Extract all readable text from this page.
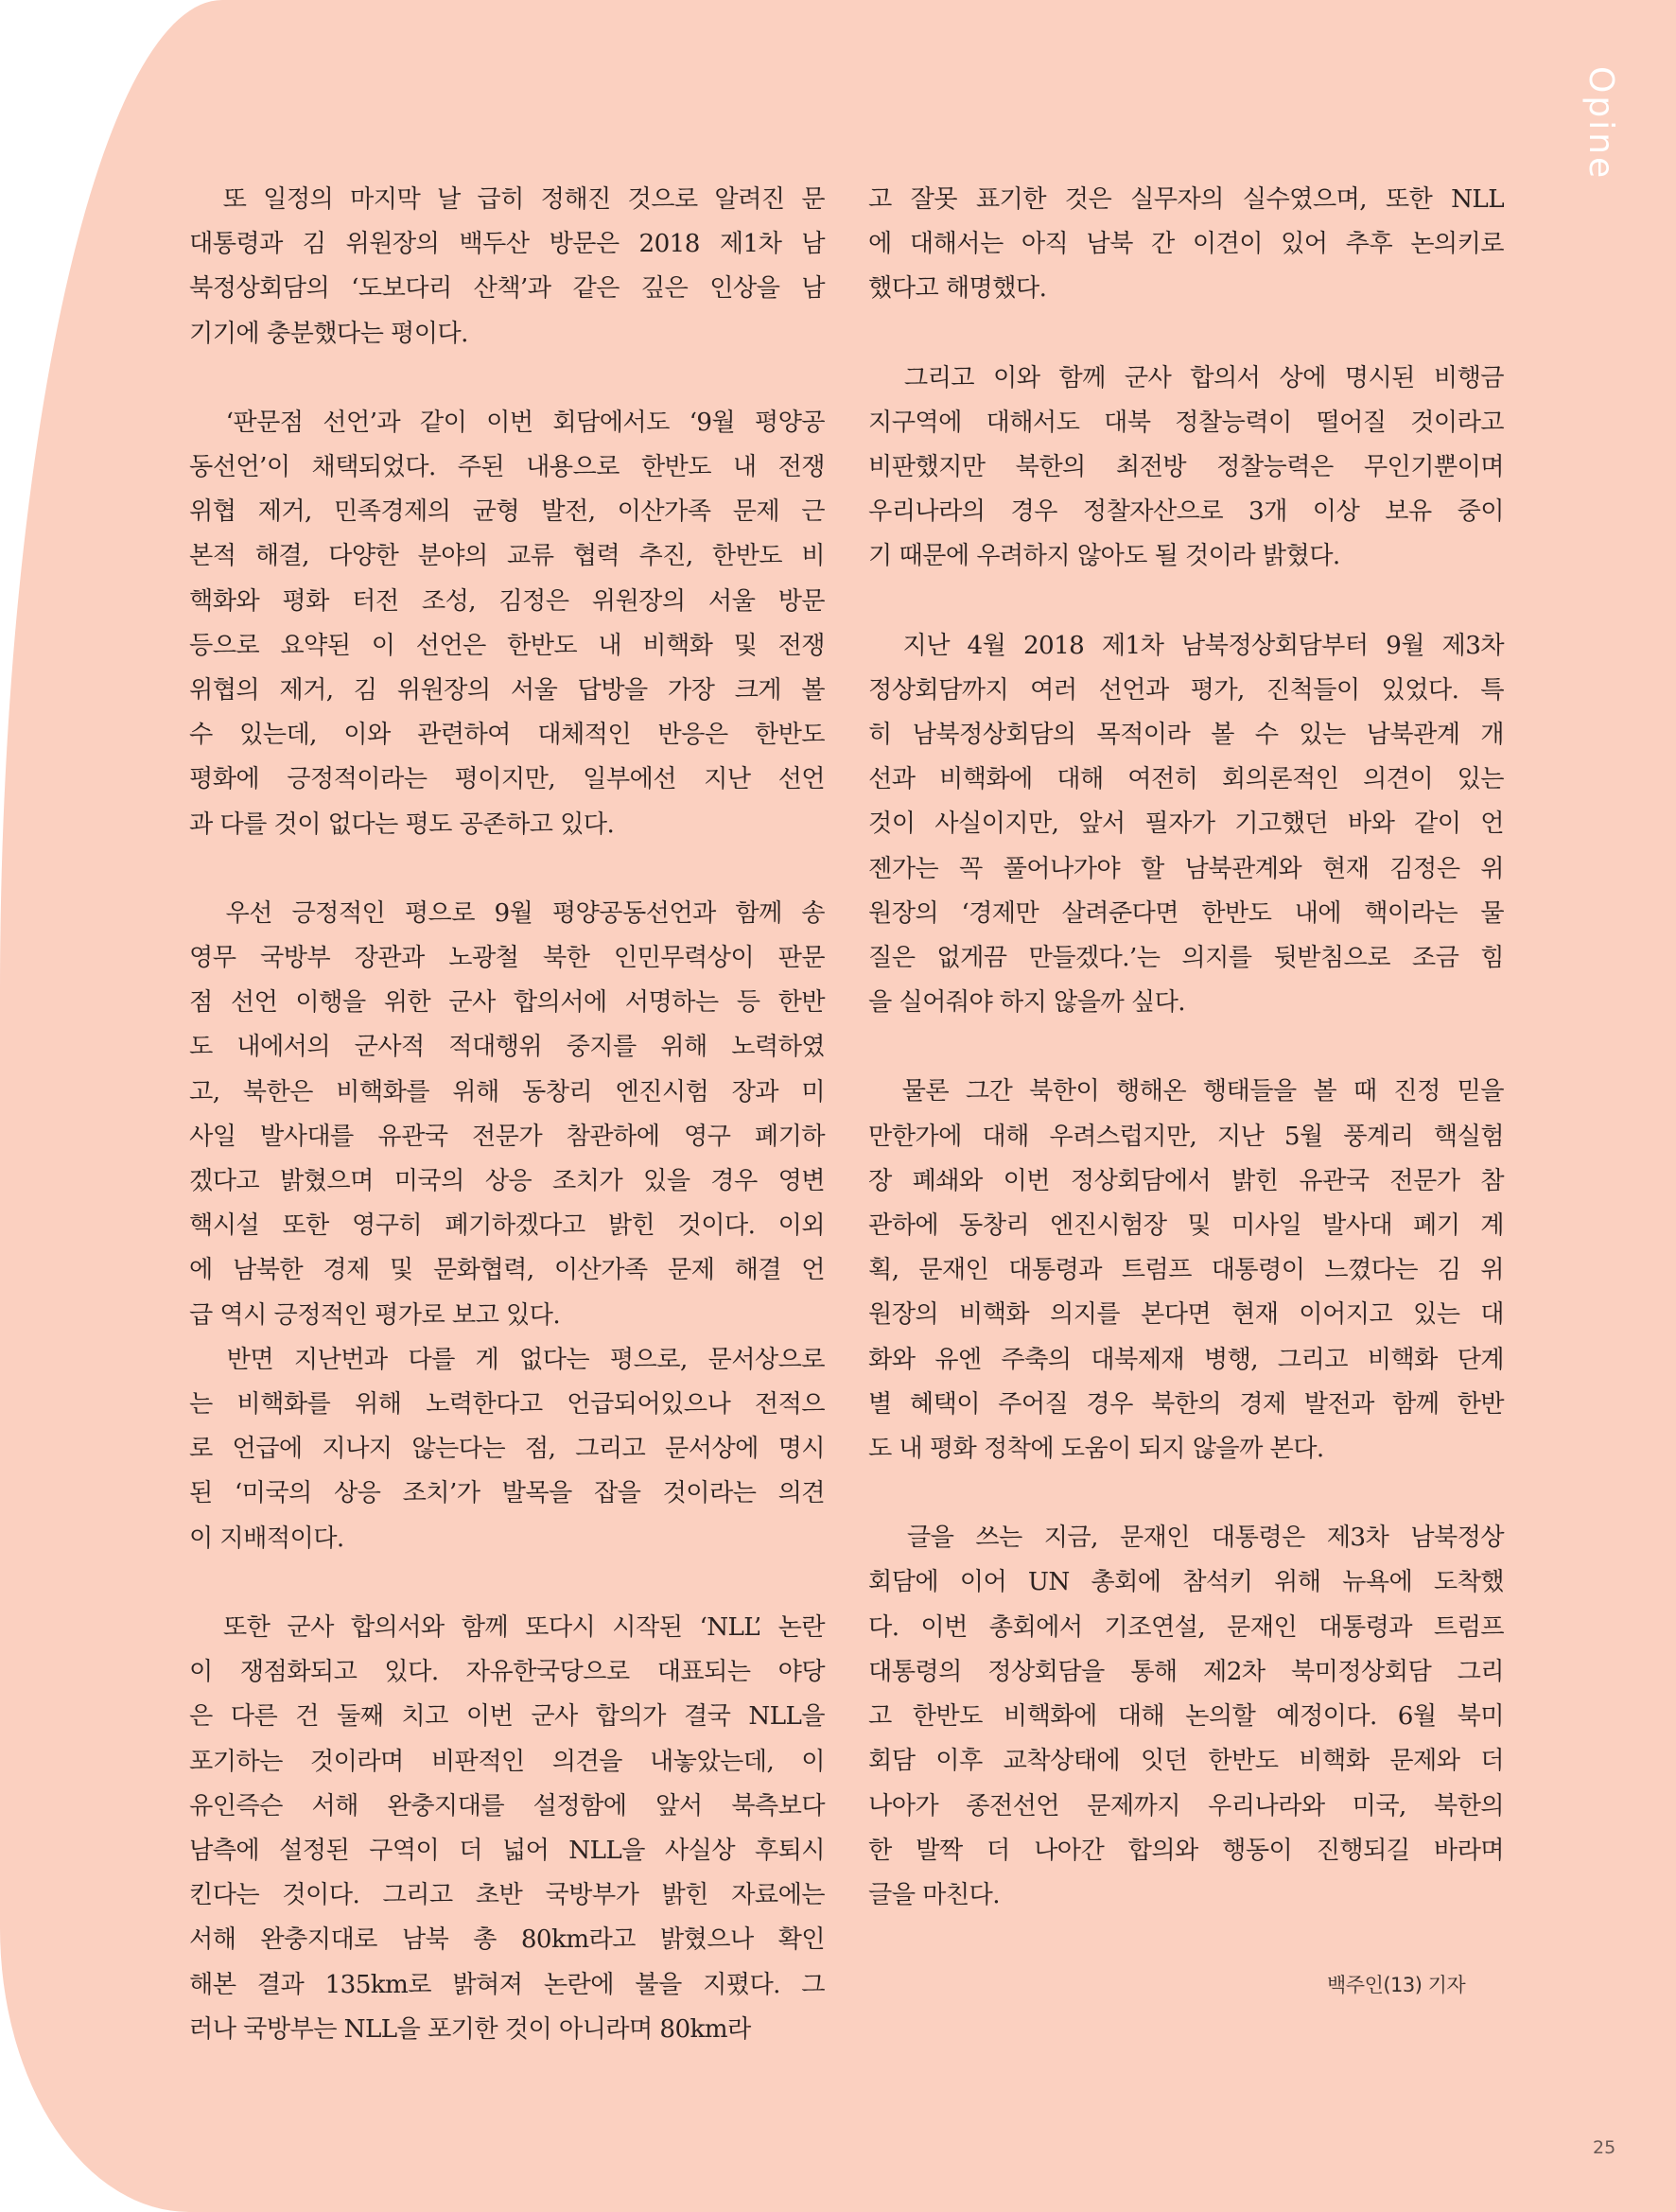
Opine

　또 일정의 마지막 날 급히 정해진 것으로 알려진 문
대통령과 김 위원장의 백두산 방문은 2018 제1차 남
북정상회담의 ‘도보다리 산책’과 같은 깊은 인상을 남
기기에 충분했다는 평이다.

　‘판문점 선언’과 같이 이번 회담에서도 ‘9월 평양공
동선언’이 채택되었다. 주된 내용으로 한반도 내 전쟁
위협 제거, 민족경제의 균형 발전, 이산가족 문제 근
본적 해결, 다양한 분야의 교류 협력 추진, 한반도 비
핵화와 평화 터전 조성, 김정은 위원장의 서울 방문
등으로 요약된 이 선언은 한반도 내 비핵화 및 전쟁
위협의 제거, 김 위원장의 서울 답방을 가장 크게 볼
수 있는데, 이와 관련하여 대체적인 반응은 한반도
평화에 긍정적이라는 평이지만, 일부에선 지난 선언
과 다를 것이 없다는 평도 공존하고 있다.

　우선 긍정적인 평으로 9월 평양공동선언과 함께 송
영무 국방부 장관과 노광철 북한 인민무력상이 판문
점 선언 이행을 위한 군사 합의서에 서명하는 등 한반
도 내에서의 군사적 적대행위 중지를 위해 노력하였
고, 북한은 비핵화를 위해 동창리 엔진시험 장과 미
사일 발사대를 유관국 전문가 참관하에 영구 폐기하
겠다고 밝혔으며 미국의 상응 조치가 있을 경우 영변
핵시설 또한 영구히 폐기하겠다고 밝힌 것이다. 이외
에 남북한 경제 및 문화협력, 이산가족 문제 해결 언
급 역시 긍정적인 평가로 보고 있다.

　반면 지난번과 다를 게 없다는 평으로, 문서상으로
는 비핵화를 위해 노력한다고 언급되어있으나 전적으
로 언급에 지나지 않는다는 점, 그리고 문서상에 명시
된 ‘미국의 상응 조치’가 발목을 잡을 것이라는 의견
이 지배적이다.

　또한 군사 합의서와 함께 또다시 시작된 ‘NLL’ 논란
이 쟁점화되고 있다. 자유한국당으로 대표되는 야당
은 다른 건 둘째 치고 이번 군사 합의가 결국 NLL을
포기하는 것이라며 비판적인 의견을 내놓았는데, 이
유인즉슨 서해 완충지대를 설정함에 앞서 북측보다
남측에 설정된 구역이 더 넓어 NLL을 사실상 후퇴시
킨다는 것이다. 그리고 초반 국방부가 밝힌 자료에는
서해 완충지대로 남북 총 80km라고 밝혔으나 확인
해본 결과 135km로 밝혀져 논란에 불을 지폈다. 그
러나 국방부는 NLL을 포기한 것이 아니라며 80km라

고 잘못 표기한 것은 실무자의 실수였으며, 또한 NLL
에 대해서는 아직 남북 간 이견이 있어 추후 논의키로
했다고 해명했다.

　그리고 이와 함께 군사 합의서 상에 명시된 비행금
지구역에 대해서도 대북 정찰능력이 떨어질 것이라고
비판했지만 북한의 최전방 정찰능력은 무인기뿐이며
우리나라의 경우 정찰자산으로 3개 이상 보유 중이
기 때문에 우려하지 않아도 될 것이라 밝혔다.

　지난 4월 2018 제1차 남북정상회담부터 9월 제3차
정상회담까지 여러 선언과 평가, 진척들이 있었다. 특
히 남북정상회담의 목적이라 볼 수 있는 남북관계 개
선과 비핵화에 대해 여전히 회의론적인 의견이 있는
것이 사실이지만, 앞서 필자가 기고했던 바와 같이 언
젠가는 꼭 풀어나가야 할 남북관계와 현재 김정은 위
원장의 ‘경제만 살려준다면 한반도 내에 핵이라는 물
질은 없게끔 만들겠다.’는 의지를 뒷받침으로 조금 힘
을 실어줘야 하지 않을까 싶다.

　물론 그간 북한이 행해온 행태들을 볼 때 진정 믿을
만한가에 대해 우려스럽지만, 지난 5월 풍계리 핵실험
장 폐쇄와 이번 정상회담에서 밝힌 유관국 전문가 참
관하에 동창리 엔진시험장 및 미사일 발사대 폐기 계
획, 문재인 대통령과 트럼프 대통령이 느꼈다는 김 위
원장의 비핵화 의지를 본다면 현재 이어지고 있는 대
화와 유엔 주축의 대북제재 병행, 그리고 비핵화 단계
별 혜택이 주어질 경우 북한의 경제 발전과 함께 한반
도 내 평화 정착에 도움이 되지 않을까 본다.

　글을 쓰는 지금, 문재인 대통령은 제3차 남북정상
회담에 이어 UN 총회에 참석키 위해 뉴욕에 도착했
다. 이번 총회에서 기조연설, 문재인 대통령과 트럼프
대통령의 정상회담을 통해 제2차 북미정상회담 그리
고 한반도 비핵화에 대해 논의할 예정이다. 6월 북미
회담 이후 교착상태에 잇던 한반도 비핵화 문제와 더
나아가 종전선언 문제까지 우리나라와 미국, 북한의
한 발짝 더 나아간 합의와 행동이 진행되길 바라며
글을 마친다.

백주인(13) 기자
25
